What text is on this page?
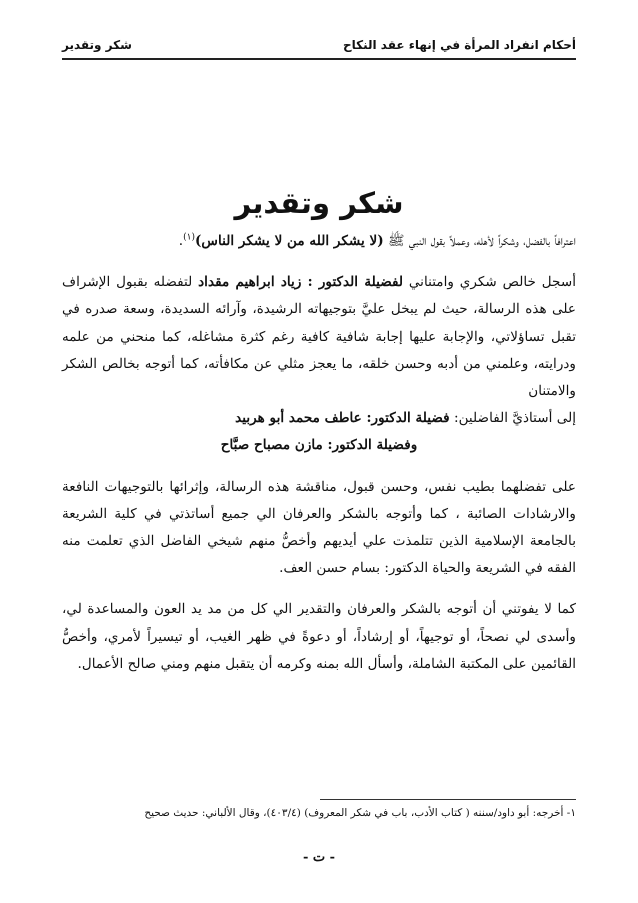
أحكام انفراد المرأة في إنهاء عقد النكاح
شكر وتقدير
شكر وتقدير

اعترافاً بالفضل، وشكراً لأهله، وعملاً بقول النبي ﷺ (لا يشكر الله من لا يشكر الناس)$^{(١)}$.

أسجل خالص شكري وامتناني لفضيلة الدكتور : زياد ابراهيم مقداد لتفضله بقبول الإشراف على هذه الرسالة، حيث لم يبخل عليَّ بتوجيهاته الرشيدة، وآرائه السديدة، وسعة صدره في تقبل تساؤلاتي، والإجابة عليها إجابة شافية كافية رغم كثرة مشاغله، كما منحني من علمه ودرايته، وعلمني من أدبه وحسن خلقه، ما يعجز مثلي عن مكافأته، كما أتوجه بخالص الشكر والامتنان

إلى أستاذيَّ الفاضلين: فضيلة الدكتور: عاطف محمد أبو هربيد

وفضيلة الدكتور: مازن مصباح صبَّاح

على تفضلهما بطيب نفس، وحسن قبول، مناقشة هذه الرسالة، وإثرائها بالتوجيهات النافعة والارشادات الصائبة ، كما وأتوجه بالشكر والعرفان الي جميع أساتذتي في كلية الشريعة بالجامعة الإسلامية الذين تتلمذت علي أيديهم وأخصُّ منهم شيخي الفاضل الذي تعلمت منه الفقه في الشريعة والحياة الدكتور: بسام حسن العف.

كما لا يفوتني أن أتوجه بالشكر والعرفان والتقدير الي كل من مد يد العون والمساعدة لي، وأسدى لي نصحاً، أو توجيهاً، أو إرشاداً، أو دعوةً في ظهر الغيب، أو تيسيراً لأمري، وأخصُّ القائمين على المكتبة الشاملة، وأسأل الله بمنه وكرمه أن يتقبل منهم ومني صالح الأعمال.

١- أخرجه: أبو داود/سننه ( كتاب الأدب، باب في شكر المعروف) (٤٠٣/٤)، وقال الألباني: حديث صحيح
- ت -
